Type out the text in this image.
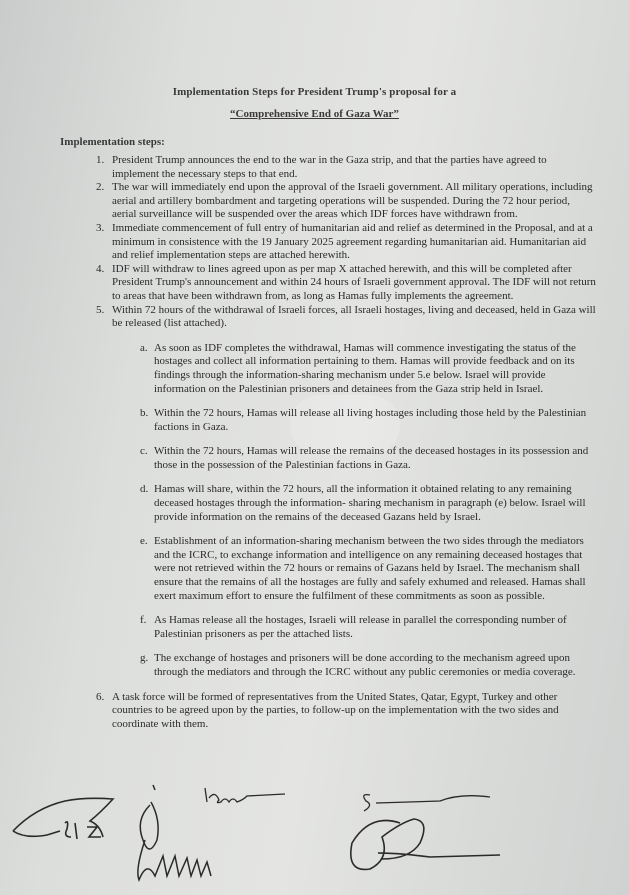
Implementation Steps for President Trump's proposal for a
“Comprehensive End of Gaza War”
Implementation steps:

1. President Trump announces the end to the war in the Gaza strip, and that the parties have agreed to implement the necessary steps to that end.

2. The war will immediately end upon the approval of the Israeli government. All military operations, including aerial and artillery bombardment and targeting operations will be suspended. During the 72 hour period, aerial surveillance will be suspended over the areas which IDF forces have withdrawn from.

3. Immediate commencement of full entry of humanitarian aid and relief as determined in the Proposal, and at a minimum in consistence with the 19 January 2025 agreement regarding humanitarian aid. Humanitarian aid and relief implementation steps are attached herewith.

4. IDF will withdraw to lines agreed upon as per map X attached herewith, and this will be completed after President Trump's announcement and within 24 hours of Israeli government approval. The IDF will not return to areas that have been withdrawn from, as long as Hamas fully implements the agreement.

5. Within 72 hours of the withdrawal of Israeli forces, all Israeli hostages, living and deceased, held in Gaza will be released (list attached).

a. As soon as IDF completes the withdrawal, Hamas will commence investigating the status of the hostages and collect all information pertaining to them. Hamas will provide feedback and on its findings through the information-sharing mechanism under 5.e below. Israel will provide information on the Palestinian prisoners and detainees from the Gaza strip held in Israel.

b. Within the 72 hours, Hamas will release all living hostages including those held by the Palestinian factions in Gaza.

c. Within the 72 hours, Hamas will release the remains of the deceased hostages in its possession and those in the possession of the Palestinian factions in Gaza.

d. Hamas will share, within the 72 hours, all the information it obtained relating to any remaining deceased hostages through the information- sharing mechanism in paragraph (e) below. Israel will provide information on the remains of the deceased Gazans held by Israel.

e. Establishment of an information-sharing mechanism between the two sides through the mediators and the ICRC, to exchange information and intelligence on any remaining deceased hostages that were not retrieved within the 72 hours or remains of Gazans held by Israel. The mechanism shall ensure that the remains of all the hostages are fully and safely exhumed and released. Hamas shall exert maximum effort to ensure the fulfilment of these commitments as soon as possible.

f. As Hamas release all the hostages, Israeli will release in parallel the corresponding number of Palestinian prisoners as per the attached lists.

g. The exchange of hostages and prisoners will be done according to the mechanism agreed upon through the mediators and through the ICRC without any public ceremonies or media coverage.

6. A task force will be formed of representatives from the United States, Qatar, Egypt, Turkey and other countries to be agreed upon by the parties, to follow-up on the implementation with the two sides and coordinate with them.
